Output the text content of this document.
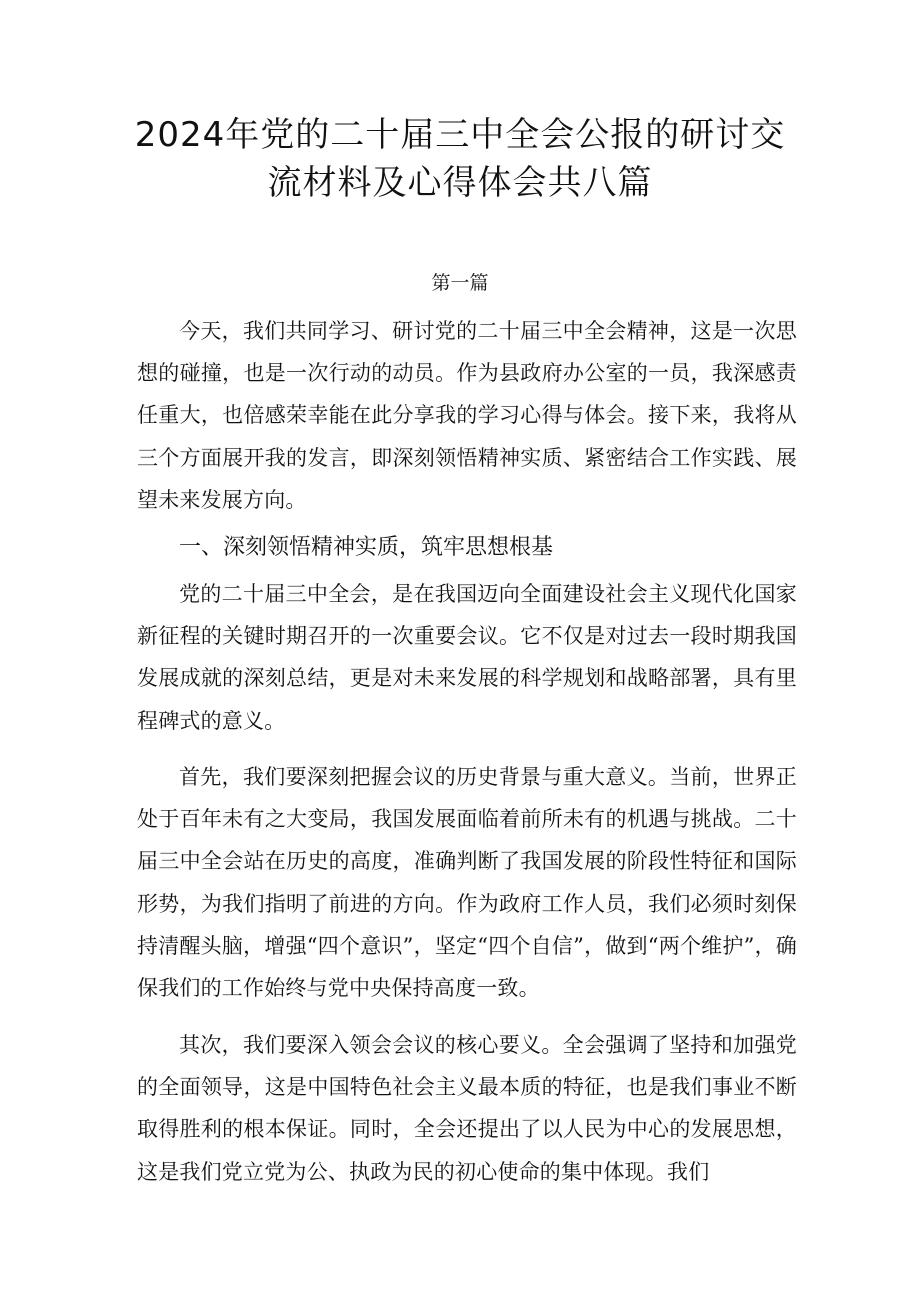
2024年党的二十届三中全会公报的研讨交
流材料及心得体会共八篇
第一篇

今天，我们共同学习、研讨党的二十届三中全会精神，这是一次思想的碰撞，也是一次行动的动员。作为县政府办公室的一员，我深感责任重大，也倍感荣幸能在此分享我的学习心得与体会。接下来，我将从三个方面展开我的发言，即深刻领悟精神实质、紧密结合工作实践、展望未来发展方向。

一、深刻领悟精神实质，筑牢思想根基

党的二十届三中全会，是在我国迈向全面建设社会主义现代化国家新征程的关键时期召开的一次重要会议。它不仅是对过去一段时期我国发展成就的深刻总结，更是对未来发展的科学规划和战略部署，具有里程碑式的意义。

首先，我们要深刻把握会议的历史背景与重大意义。当前，世界正处于百年未有之大变局，我国发展面临着前所未有的机遇与挑战。二十届三中全会站在历史的高度，准确判断了我国发展的阶段性特征和国际形势，为我们指明了前进的方向。作为政府工作人员，我们必须时刻保持清醒头脑，增强“四个意识”，坚定“四个自信”，做到“两个维护”，确保我们的工作始终与党中央保持高度一致。

其次，我们要深入领会会议的核心要义。全会强调了坚持和加强党的全面领导，这是中国特色社会主义最本质的特征，也是我们事业不断取得胜利的根本保证。同时，全会还提出了以人民为中心的发展思想，这是我们党立党为公、执政为民的初心使命的集中体现。我们
